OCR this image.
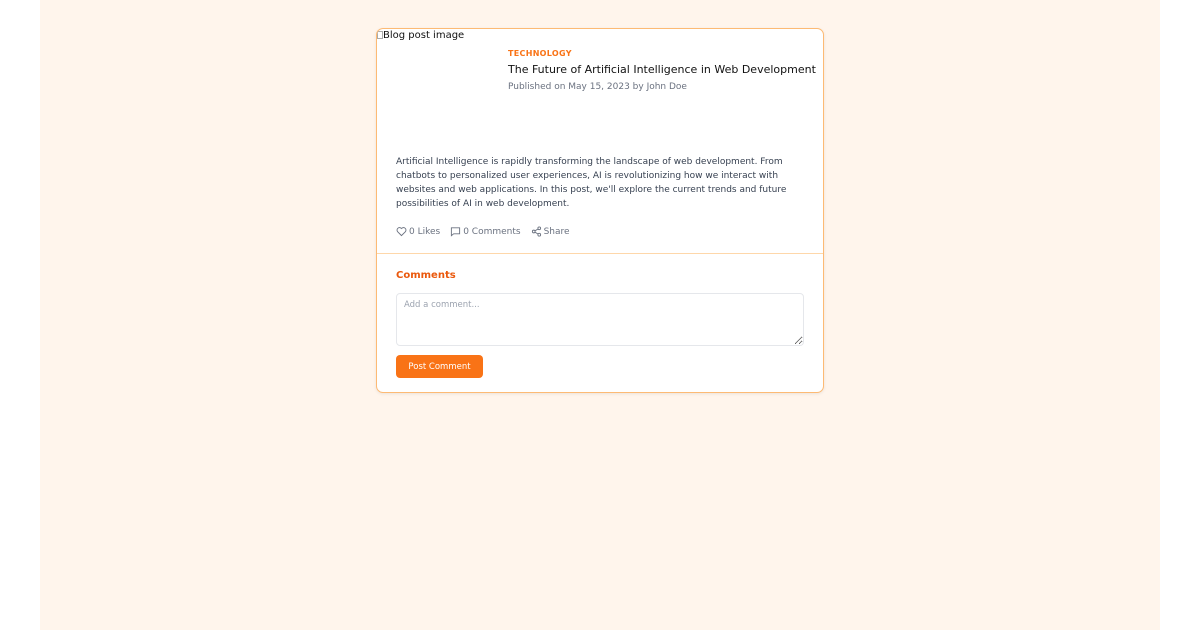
Blog post image
TECHNOLOGY
The Future of Artificial Intelligence in Web Development
Published on May 15, 2023 by John Doe

Artificial Intelligence is rapidly transforming the landscape of web development. From chatbots to personalized user experiences, AI is revolutionizing how we interact with websites and web applications. In this post, we'll explore the current trends and future possibilities of AI in web development.

0 Likes	0 Comments	Share
Comments
Add a comment...
Post Comment
